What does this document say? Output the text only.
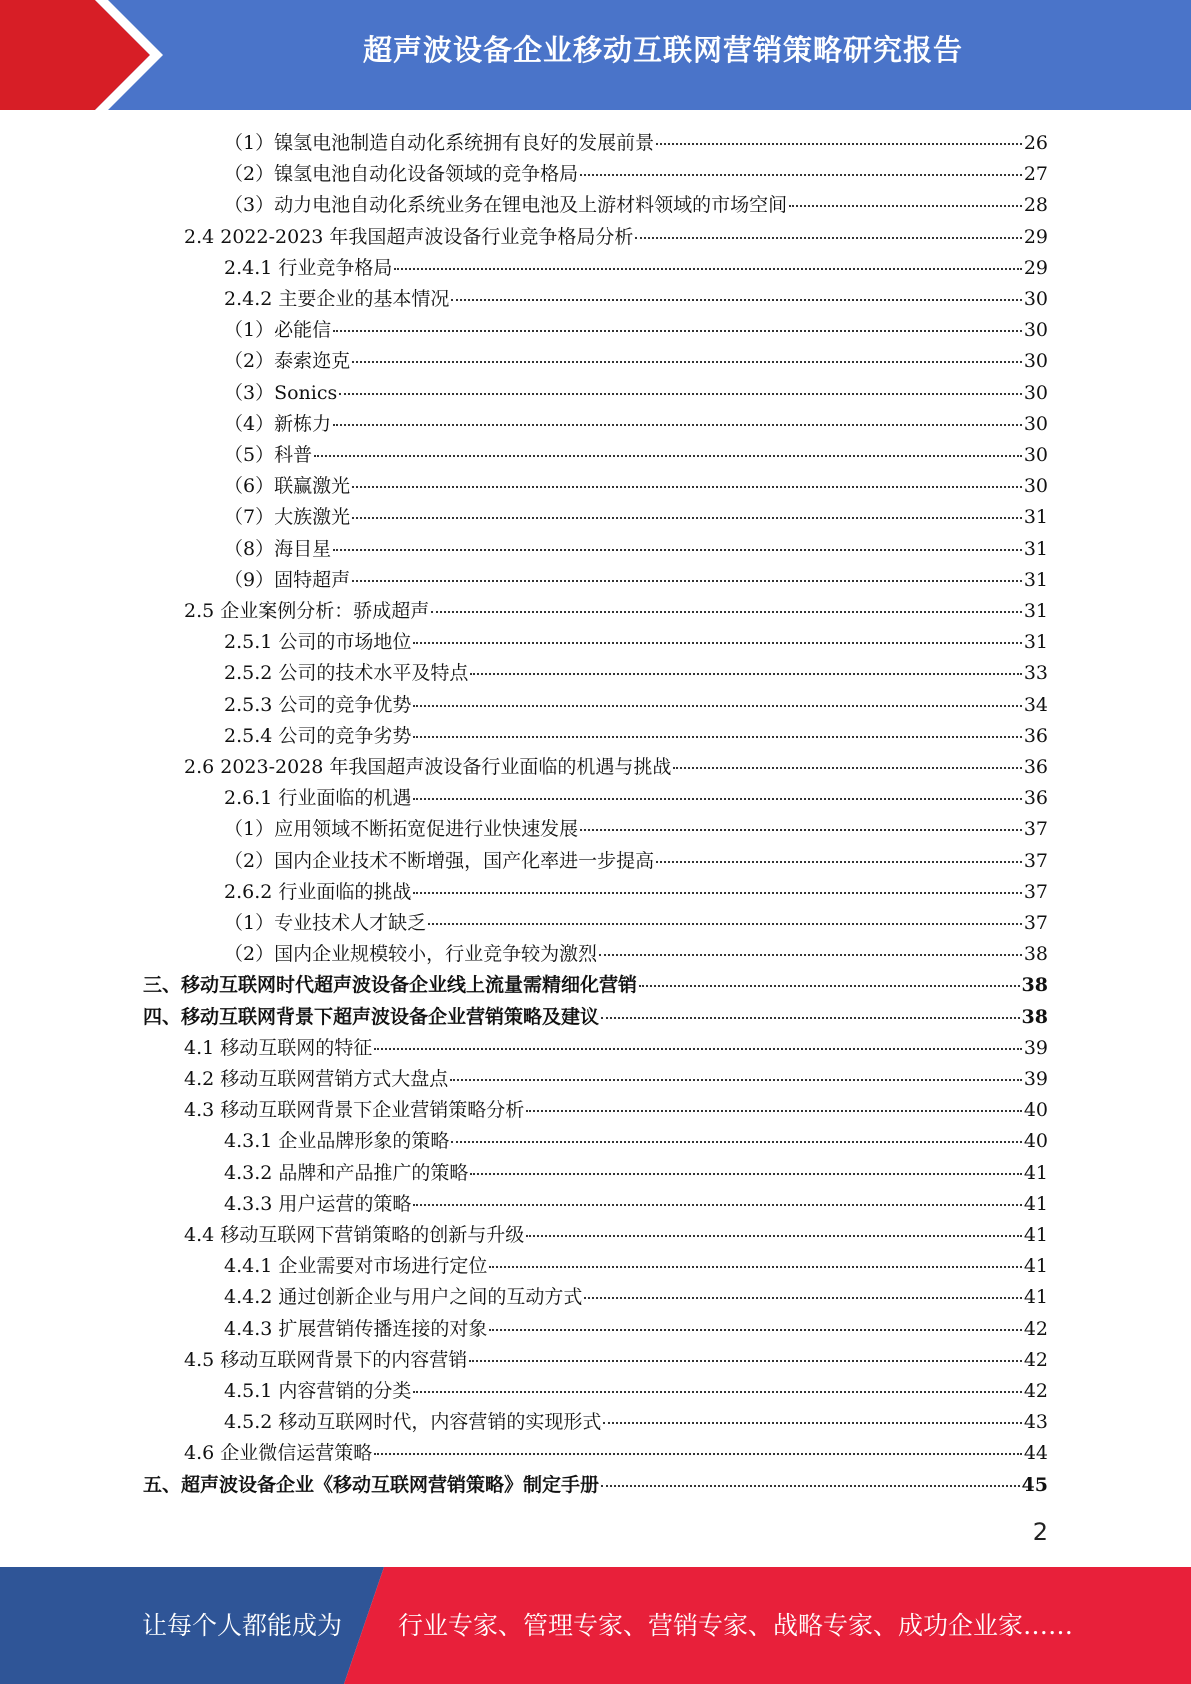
超声波设备企业移动互联网营销策略研究报告
（1）镍氢电池制造自动化系统拥有良好的发展前景	26
（2）镍氢电池自动化设备领域的竞争格局	27
（3）动力电池自动化系统业务在锂电池及上游材料领域的市场空间	28
2.4 2022-2023 年我国超声波设备行业竞争格局分析	29
2.4.1 行业竞争格局	29
2.4.2 主要企业的基本情况	30
（1）必能信	30
（2）泰索迩克	30
（3）Sonics	30
（4）新栋力	30
（5）科普	30
（6）联赢激光	30
（7）大族激光	31
（8）海目星	31
（9）固特超声	31
2.5 企业案例分析：骄成超声	31
2.5.1 公司的市场地位	31
2.5.2 公司的技术水平及特点	33
2.5.3 公司的竞争优势	34
2.5.4 公司的竞争劣势	36
2.6 2023-2028 年我国超声波设备行业面临的机遇与挑战	36
2.6.1 行业面临的机遇	36
（1）应用领域不断拓宽促进行业快速发展	37
（2）国内企业技术不断增强，国产化率进一步提高	37
2.6.2 行业面临的挑战	37
（1）专业技术人才缺乏	37
（2）国内企业规模较小，行业竞争较为激烈	38
三、移动互联网时代超声波设备企业线上流量需精细化营销	38
四、移动互联网背景下超声波设备企业营销策略及建议	38
4.1 移动互联网的特征	39
4.2 移动互联网营销方式大盘点	39
4.3 移动互联网背景下企业营销策略分析	40
4.3.1 企业品牌形象的策略	40
4.3.2 品牌和产品推广的策略	41
4.3.3 用户运营的策略	41
4.4 移动互联网下营销策略的创新与升级	41
4.4.1 企业需要对市场进行定位	41
4.4.2 通过创新企业与用户之间的互动方式	41
4.4.3 扩展营销传播连接的对象	42
4.5 移动互联网背景下的内容营销	42
4.5.1 内容营销的分类	42
4.5.2 移动互联网时代，内容营销的实现形式	43
4.6 企业微信运营策略	44
五、超声波设备企业《移动互联网营销策略》制定手册	45
2
让每个人都能成为 行业专家、管理专家、营销专家、战略专家、成功企业家……
